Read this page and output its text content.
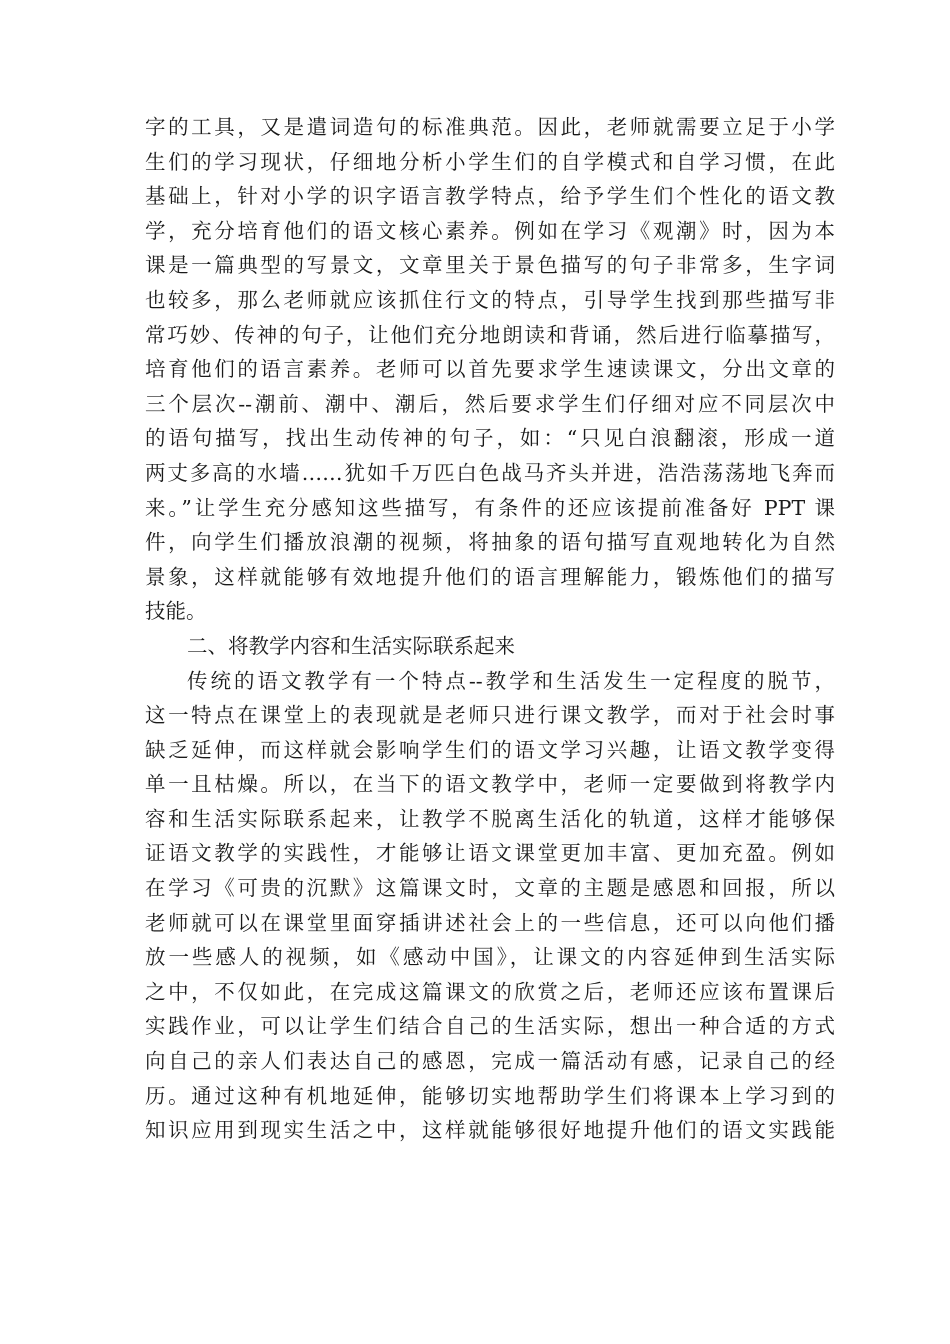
字的工具，又是遣词造句的标准典范。因此，老师就需要立足于小学
生们的学习现状，仔细地分析小学生们的自学模式和自学习惯，在此
基础上，针对小学的识字语言教学特点，给予学生们个性化的语文教
学，充分培育他们的语文核心素养。例如在学习《观潮》时，因为本
课是一篇典型的写景文，文章里关于景色描写的句子非常多，生字词
也较多，那么老师就应该抓住行文的特点，引导学生找到那些描写非
常巧妙、传神的句子，让他们充分地朗读和背诵，然后进行临摹描写，
培育他们的语言素养。老师可以首先要求学生速读课文，分出文章的
三个层次--潮前、潮中、潮后，然后要求学生们仔细对应不同层次中
的语句描写，找出生动传神的句子，如：“只见白浪翻滚，形成一道
两丈多高的水墙……犹如千万匹白色战马齐头并进，浩浩荡荡地飞奔而
来。”让学生充分感知这些描写，有条件的还应该提前准备好 PPT 课
件，向学生们播放浪潮的视频，将抽象的语句描写直观地转化为自然
景象，这样就能够有效地提升他们的语言理解能力，锻炼他们的描写
技能。
二、将教学内容和生活实际联系起来
传统的语文教学有一个特点--教学和生活发生一定程度的脱节，
这一特点在课堂上的表现就是老师只进行课文教学，而对于社会时事
缺乏延伸，而这样就会影响学生们的语文学习兴趣，让语文教学变得
单一且枯燥。所以，在当下的语文教学中，老师一定要做到将教学内
容和生活实际联系起来，让教学不脱离生活化的轨道，这样才能够保
证语文教学的实践性，才能够让语文课堂更加丰富、更加充盈。例如
在学习《可贵的沉默》这篇课文时，文章的主题是感恩和回报，所以
老师就可以在课堂里面穿插讲述社会上的一些信息，还可以向他们播
放一些感人的视频，如《感动中国》，让课文的内容延伸到生活实际
之中，不仅如此，在完成这篇课文的欣赏之后，老师还应该布置课后
实践作业，可以让学生们结合自己的生活实际，想出一种合适的方式
向自己的亲人们表达自己的感恩，完成一篇活动有感，记录自己的经
历。通过这种有机地延伸，能够切实地帮助学生们将课本上学习到的
知识应用到现实生活之中，这样就能够很好地提升他们的语文实践能
